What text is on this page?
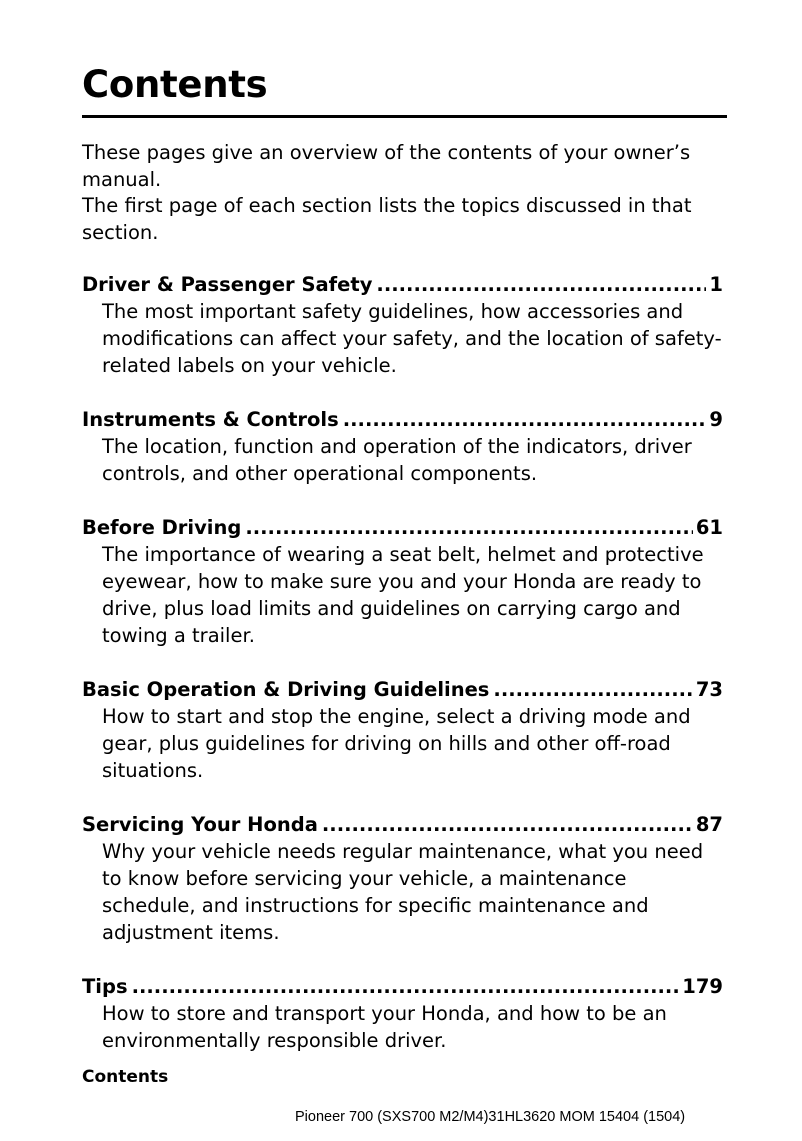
Contents

These pages give an overview of the contents of your owner’s manual.

The first page of each section lists the topics discussed in that section.

Driver & Passenger Safety .....	1

The most important safety guidelines, how accessories and modifications can affect your safety, and the location of safety-related labels on your vehicle.

Instruments & Controls .....	9

The location, function and operation of the indicators, driver controls, and other operational components.

Before Driving .....	61

The importance of wearing a seat belt, helmet and protective eyewear, how to make sure you and your Honda are ready to drive, plus load limits and guidelines on carrying cargo and towing a trailer.

Basic Operation & Driving Guidelines .....	73

How to start and stop the engine, select a driving mode and gear, plus guidelines for driving on hills and other off-road situations.

Servicing Your Honda .....	87

Why your vehicle needs regular maintenance, what you need to know before servicing your vehicle, a maintenance schedule, and instructions for specific maintenance and adjustment items.

Tips .....	179

How to store and transport your Honda, and how to be an environmentally responsible driver.

Contents
Pioneer 700 (SXS700 M2/M4)31HL3620 MOM 15404 (1504)
